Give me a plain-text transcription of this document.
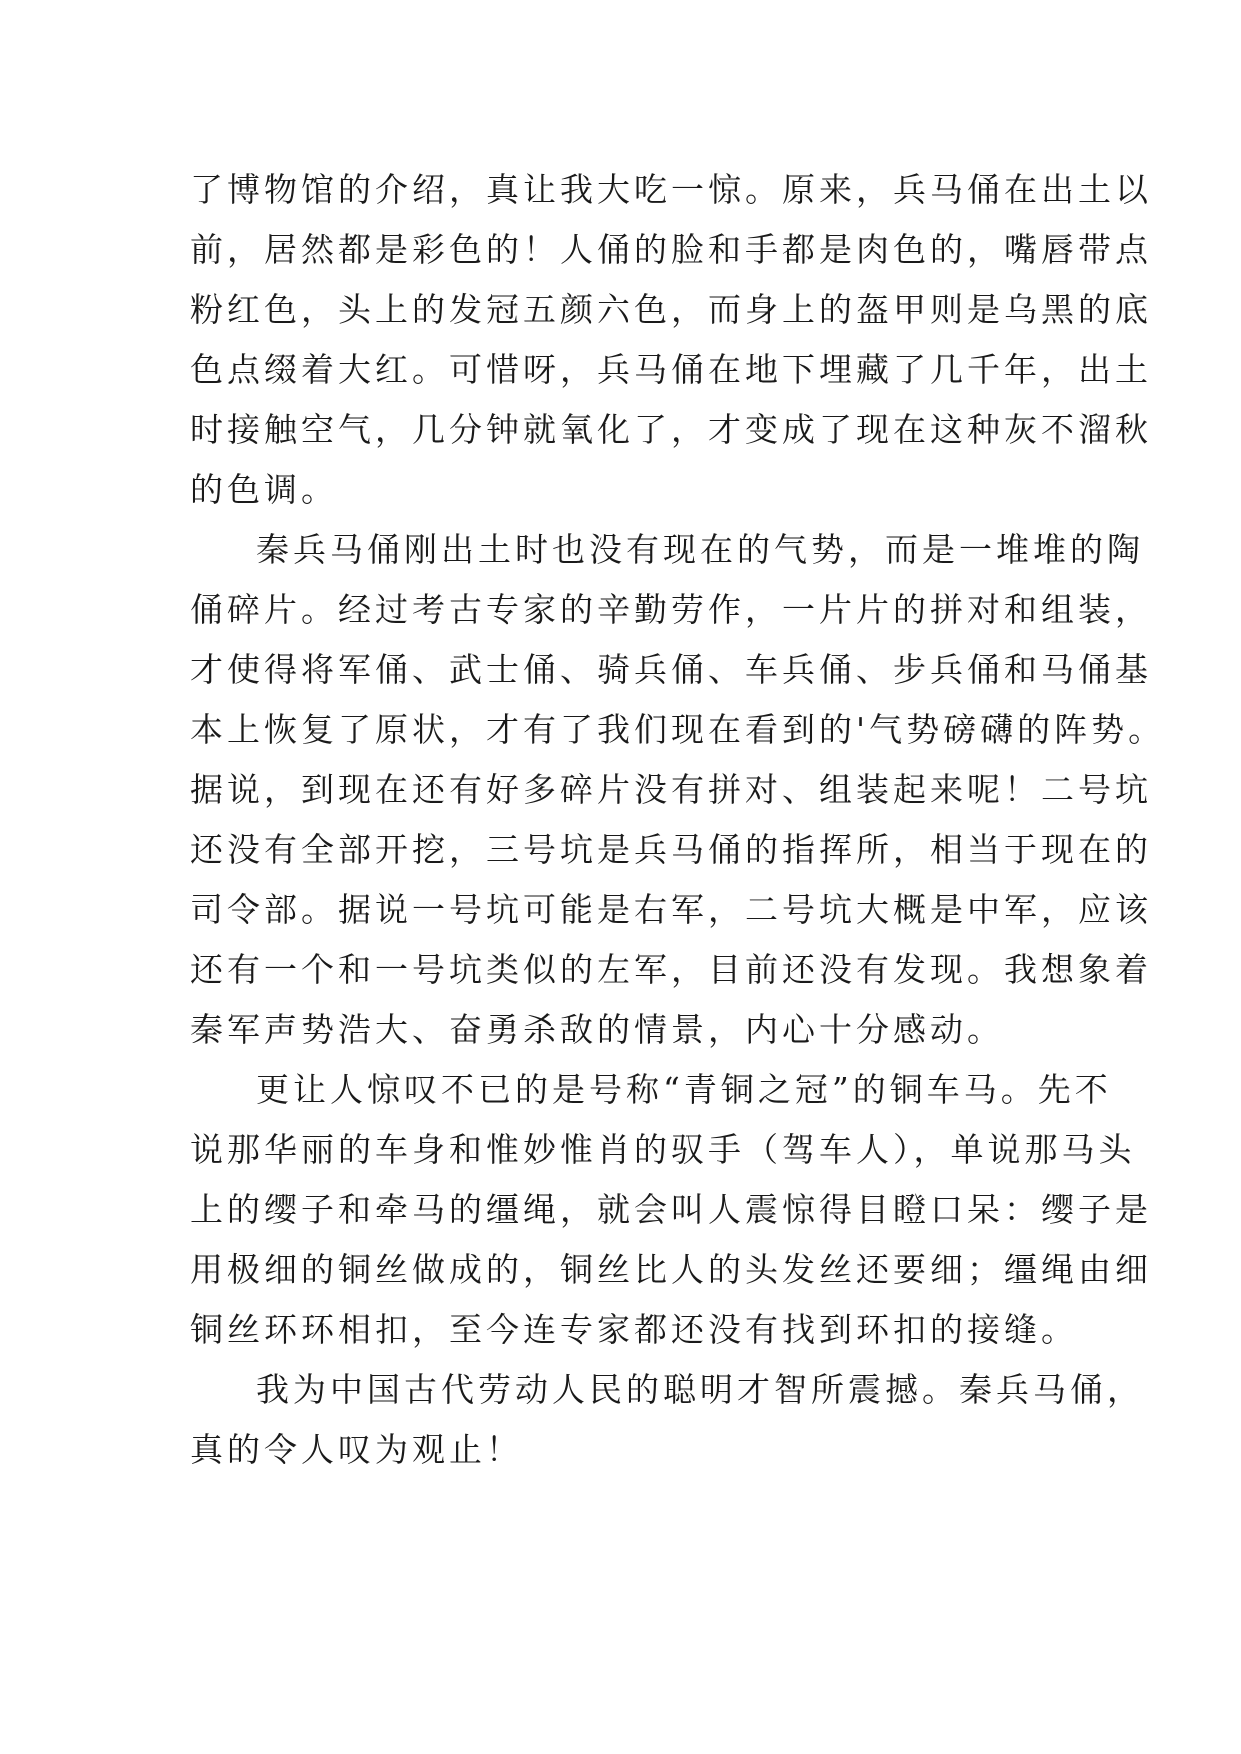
了博物馆的介绍，真让我大吃一惊。原来，兵马俑在出土以
前，居然都是彩色的！人俑的脸和手都是肉色的，嘴唇带点
粉红色，头上的发冠五颜六色，而身上的盔甲则是乌黑的底
色点缀着大红。可惜呀，兵马俑在地下埋藏了几千年，出土
时接触空气，几分钟就氧化了，才变成了现在这种灰不溜秋
的色调。
秦兵马俑刚出土时也没有现在的气势，而是一堆堆的陶
俑碎片。经过考古专家的辛勤劳作，一片片的拼对和组装，
才使得将军俑、武士俑、骑兵俑、车兵俑、步兵俑和马俑基
本上恢复了原状，才有了我们现在看到的'气势磅礴的阵势。
据说，到现在还有好多碎片没有拼对、组装起来呢！二号坑
还没有全部开挖，三号坑是兵马俑的指挥所，相当于现在的
司令部。据说一号坑可能是右军，二号坑大概是中军，应该
还有一个和一号坑类似的左军，目前还没有发现。我想象着
秦军声势浩大、奋勇杀敌的情景，内心十分感动。
更让人惊叹不已的是号称“青铜之冠”的铜车马。先不
说那华丽的车身和惟妙惟肖的驭手（驾车人），单说那马头
上的缨子和牵马的缰绳，就会叫人震惊得目瞪口呆：缨子是
用极细的铜丝做成的，铜丝比人的头发丝还要细；缰绳由细
铜丝环环相扣，至今连专家都还没有找到环扣的接缝。
我为中国古代劳动人民的聪明才智所震撼。秦兵马俑，
真的令人叹为观止！
